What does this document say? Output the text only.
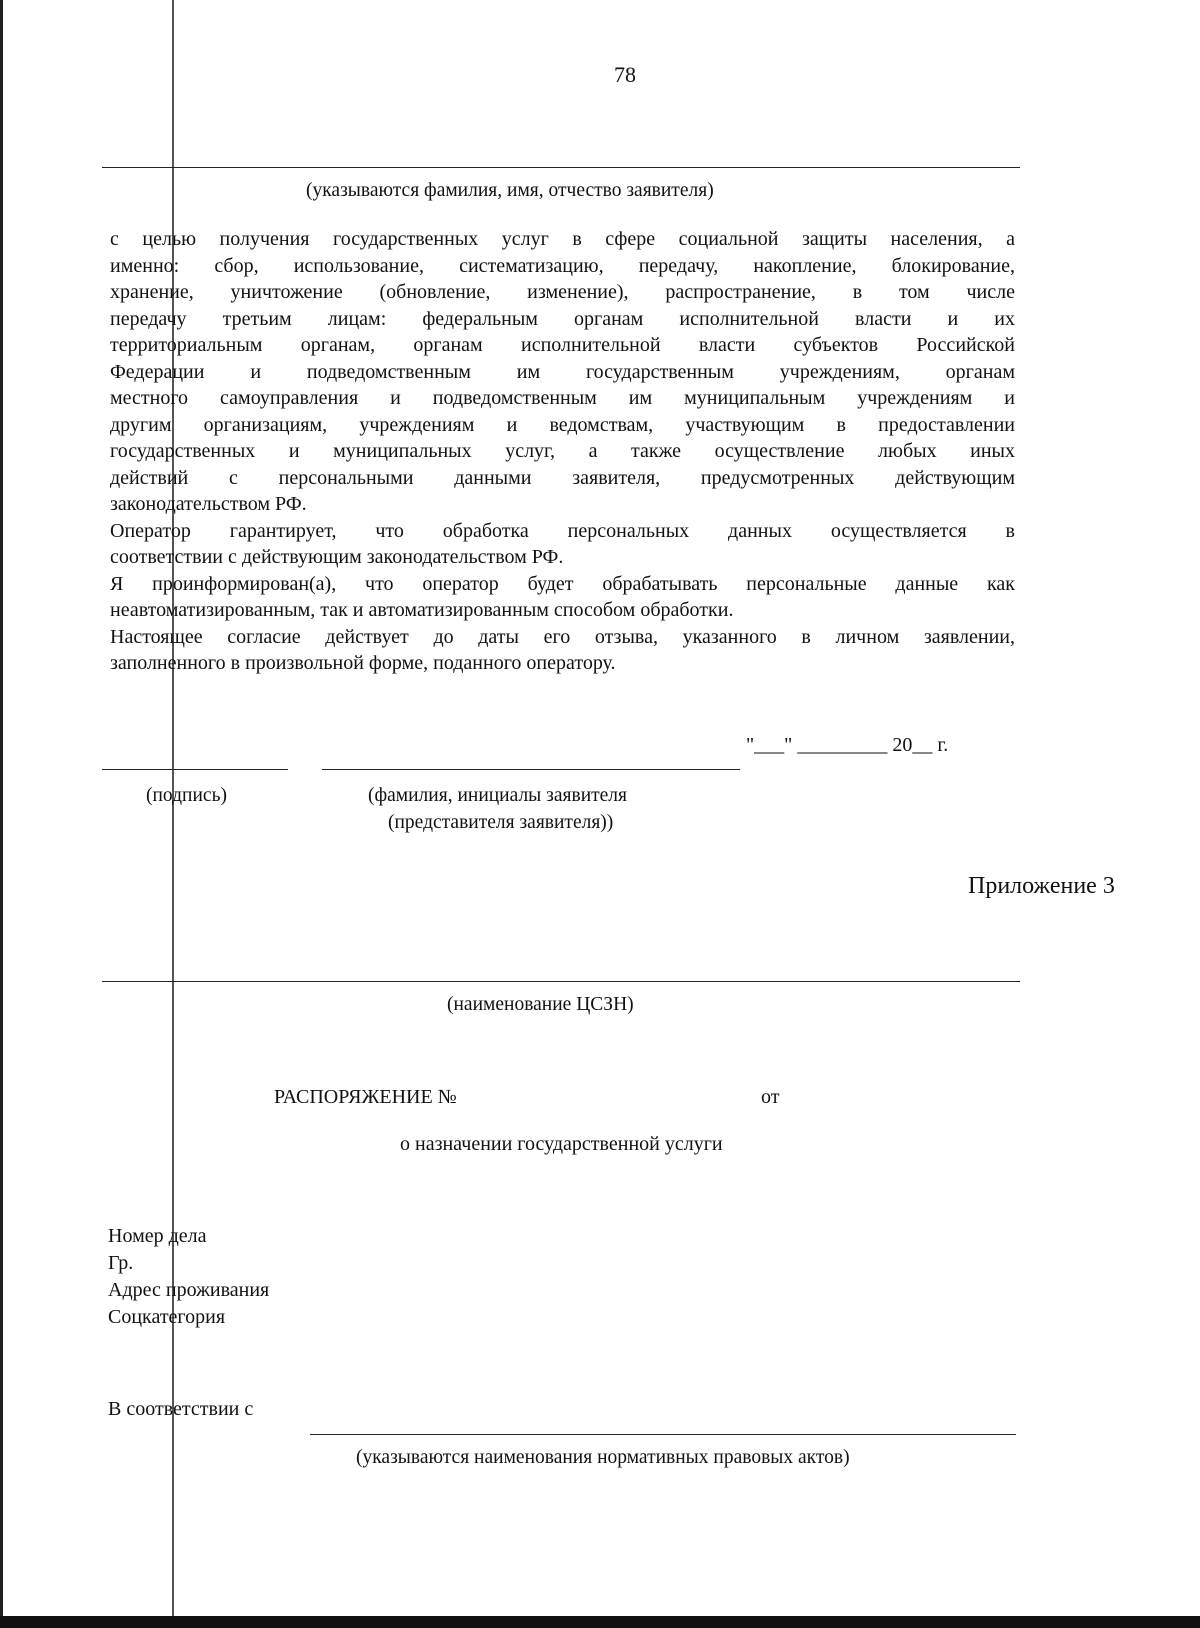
78
(указываются фамилия, имя, отчество заявителя)

с целью получения государственных услуг в сфере социальной защиты населения, а

именно: сбор, использование, систематизацию, передачу, накопление, блокирование,

хранение, уничтожение (обновление, изменение), распространение, в том числе

передачу третьим лицам: федеральным органам исполнительной власти и их

территориальным органам, органам исполнительной власти субъектов Российской

Федерации и подведомственным им государственным учреждениям, органам

местного самоуправления и подведомственным им муниципальным учреждениям и

другим организациям, учреждениям и ведомствам, участвующим в предоставлении

государственных и муниципальных услуг, а также осуществление любых иных

действий с персональными данными заявителя, предусмотренных действующим

законодательством РФ.

Оператор гарантирует, что обработка персональных данных осуществляется в

соответствии с действующим законодательством РФ.

Я проинформирован(а), что оператор будет обрабатывать персональные данные как

неавтоматизированным, так и автоматизированным способом обработки.

Настоящее согласие действует до даты его отзыва, указанного в личном заявлении,

заполненного в произвольной форме, поданного оператору.

"___" _________ 20__ г.
(подпись)	(фамилия, инициалы заявителя
(представителя заявителя))
Приложение 3
(наименование ЦСЗН)
РАСПОРЯЖЕНИЕ №	от
о назначении государственной услуги
Номер дела
Гр.
Адрес проживания
Соцкатегория
В соответствии с
(указываются наименования нормативных правовых актов)
